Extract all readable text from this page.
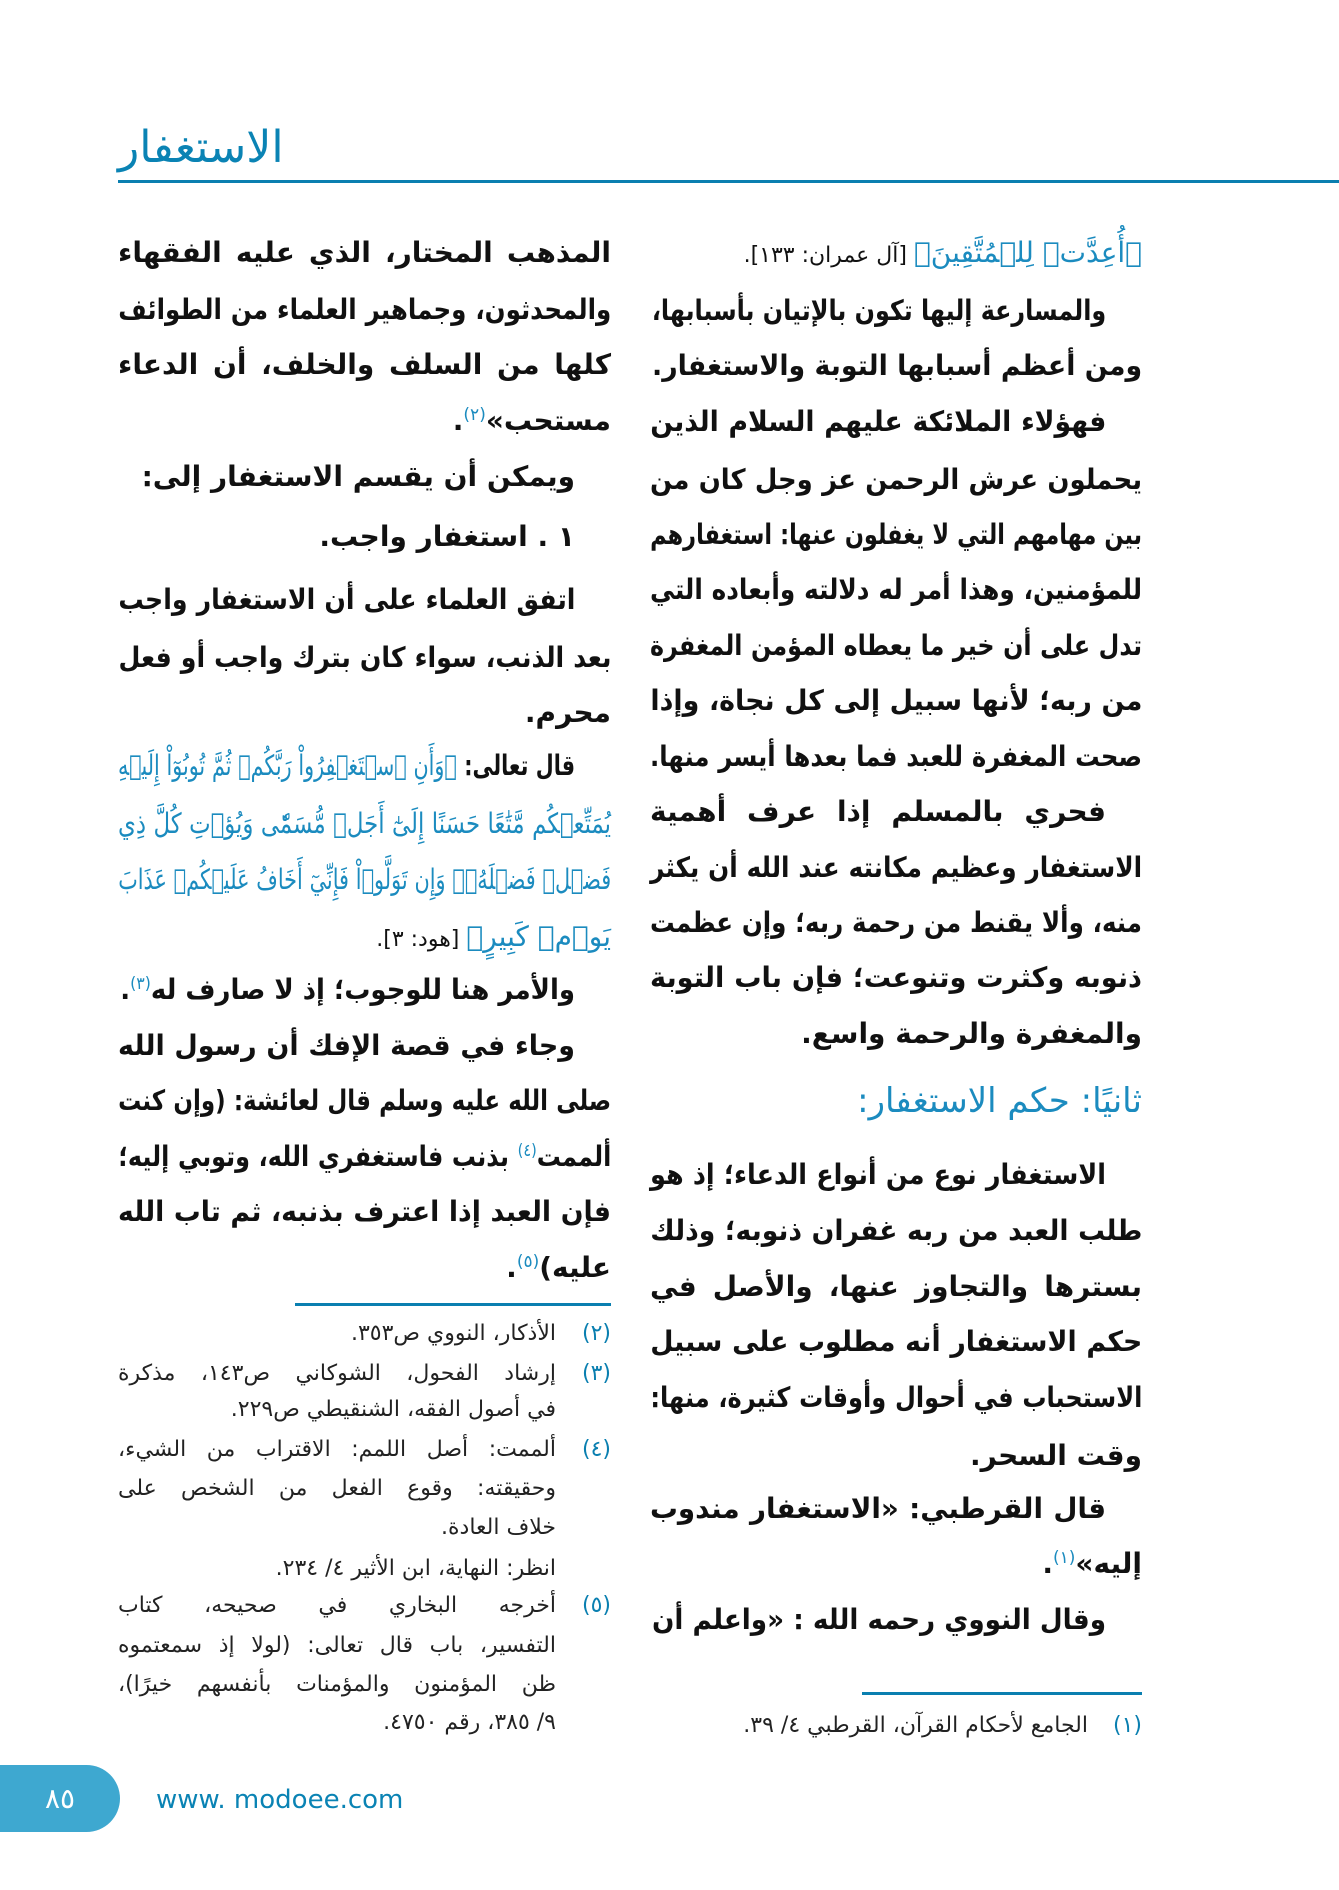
الاستغفار
﴿أُعِدَّتۡ لِلۡمُتَّقِينَ﴾ [آل عمران: ١٣٣].
والمسارعة إليها تكون بالإتيان بأسبابها،
ومن أعظم أسبابها التوبة والاستغفار.
فهؤلاء الملائكة عليهم السلام الذين
يحملون عرش الرحمن عز وجل كان من
بين مهامهم التي لا يغفلون عنها: استغفارهم
للمؤمنين، وهذا أمر له دلالته وأبعاده التي
تدل على أن خير ما يعطاه المؤمن المغفرة
من ربه؛ لأنها سبيل إلى كل نجاة، وإذا
صحت المغفرة للعبد فما بعدها أيسر منها.
فحري بالمسلم إذا عرف أهمية
الاستغفار وعظيم مكانته عند الله أن يكثر
منه، وألا يقنط من رحمة ربه؛ وإن عظمت
ذنوبه وكثرت وتنوعت؛ فإن باب التوبة
والمغفرة والرحمة واسع.
ثانيًا: حكم الاستغفار:
الاستغفار نوع من أنواع الدعاء؛ إذ هو
طلب العبد من ربه غفران ذنوبه؛ وذلك
بسترها والتجاوز عنها، والأصل في
حكم الاستغفار أنه مطلوب على سبيل
الاستحباب في أحوال وأوقات كثيرة، منها:
وقت السحر.
قال القرطبي: «الاستغفار مندوب
إليه»$^{(١)}$.
وقال النووي رحمه الله : «واعلم أن
(١)
الجامع لأحكام القرآن، القرطبي ٤/ ٣٩.
المذهب المختار، الذي عليه الفقهاء
والمحدثون، وجماهير العلماء من الطوائف
كلها من السلف والخلف، أن الدعاء
مستحب»$^{(٢)}$.
ويمكن أن يقسم الاستغفار إلى:
١ . استغفار واجب.
اتفق العلماء على أن الاستغفار واجب
بعد الذنب، سواء كان بترك واجب أو فعل
محرم.
قال تعالى: ﴿وَأَنِ ٱسۡتَغۡفِرُواْ رَبَّكُمۡ ثُمَّ تُوبُوٓاْ إِلَيۡهِ
يُمَتِّعۡكُم مَّتَٰعًا حَسَنًا إِلَىٰٓ أَجَلٖ مُّسَمّٗى وَيُؤۡتِ كُلَّ ذِي
فَضۡلٖ فَضۡلَهُۥۖ وَإِن تَوَلَّوۡاْ فَإِنِّيٓ أَخَافُ عَلَيۡكُمۡ عَذَابَ
يَوۡمٖ كَبِيرٍ﴾ [هود: ٣].
والأمر هنا للوجوب؛ إذ لا صارف له$^{(٣)}$.
وجاء في قصة الإفك أن رسول الله
صلى الله عليه وسلم قال لعائشة: (وإن كنت
ألممت$^{(٤)}$ بذنب فاستغفري الله، وتوبي إليه؛
فإن العبد إذا اعترف بذنبه، ثم تاب الله
عليه)$^{(٥)}$.
(٢)
الأذكار، النووي ص٣٥٣.
(٣)
إرشاد الفحول، الشوكاني ص١٤٣، مذكرة
في أصول الفقه، الشنقيطي ص٢٢٩.
(٤)
ألممت: أصل اللمم: الاقتراب من الشيء،
وحقيقته: وقوع الفعل من الشخص على
خلاف العادة.
انظر: النهاية، ابن الأثير ٤/ ٢٣٤.
(٥)
أخرجه البخاري في صحيحه، كتاب
التفسير، باب قال تعالى: (لولا إذ سمعتموه
ظن المؤمنون والمؤمنات بأنفسهم خيرًا)،
٩/ ٣٨٥، رقم ٤٧٥٠.
٨٥	www. modoee.com
